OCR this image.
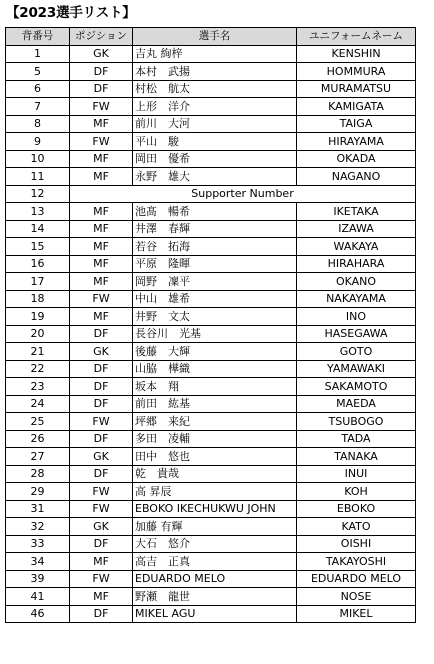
【2023選手リスト】
背番号	ポジション	選手名	ユニフォームネーム
1	GK	吉丸 絢梓	KENSHIN
5	DF	本村　武揚	HOMMURA
6	DF	村松　航太	MURAMATSU
7	FW	上形　洋介	KAMIGATA
8	MF	前川　大河	TAIGA
9	FW	平山　駿	HIRAYAMA
10	MF	岡田　優希	OKADA
11	MF	永野　雄大	NAGANO
12	Supporter Number		
13	MF	池髙　暢希	IKETAKA
14	MF	井澤　春輝	IZAWA
15	MF	若谷　拓海	WAKAYA
16	MF	平原　隆暉	HIRAHARA
17	MF	岡野　凜平	OKANO
18	FW	中山　雄希	NAKAYAMA
19	MF	井野　文太	INO
20	DF	長谷川　光基	HASEGAWA
21	GK	後藤　大輝	GOTO
22	DF	山脇　樺織	YAMAWAKI
23	DF	坂本　翔	SAKAMOTO
24	DF	前田　紘基	MAEDA
25	FW	坪郷　来紀	TSUBOGO
26	DF	多田　凌輔	TADA
27	GK	田中　悠也	TANAKA
28	DF	乾　貴哉	INUI
29	FW	高 昇辰	KOH
31	FW	EBOKO IKECHUKWU JOHN	EBOKO
32	GK	加藤 有輝	KATO
33	DF	大石　悠介	OISHI
34	MF	高吉　正真	TAKAYOSHI
39	FW	EDUARDO MELO	EDUARDO MELO
41	MF	野瀬　龍世	NOSE
46	DF	MIKEL AGU	MIKEL
